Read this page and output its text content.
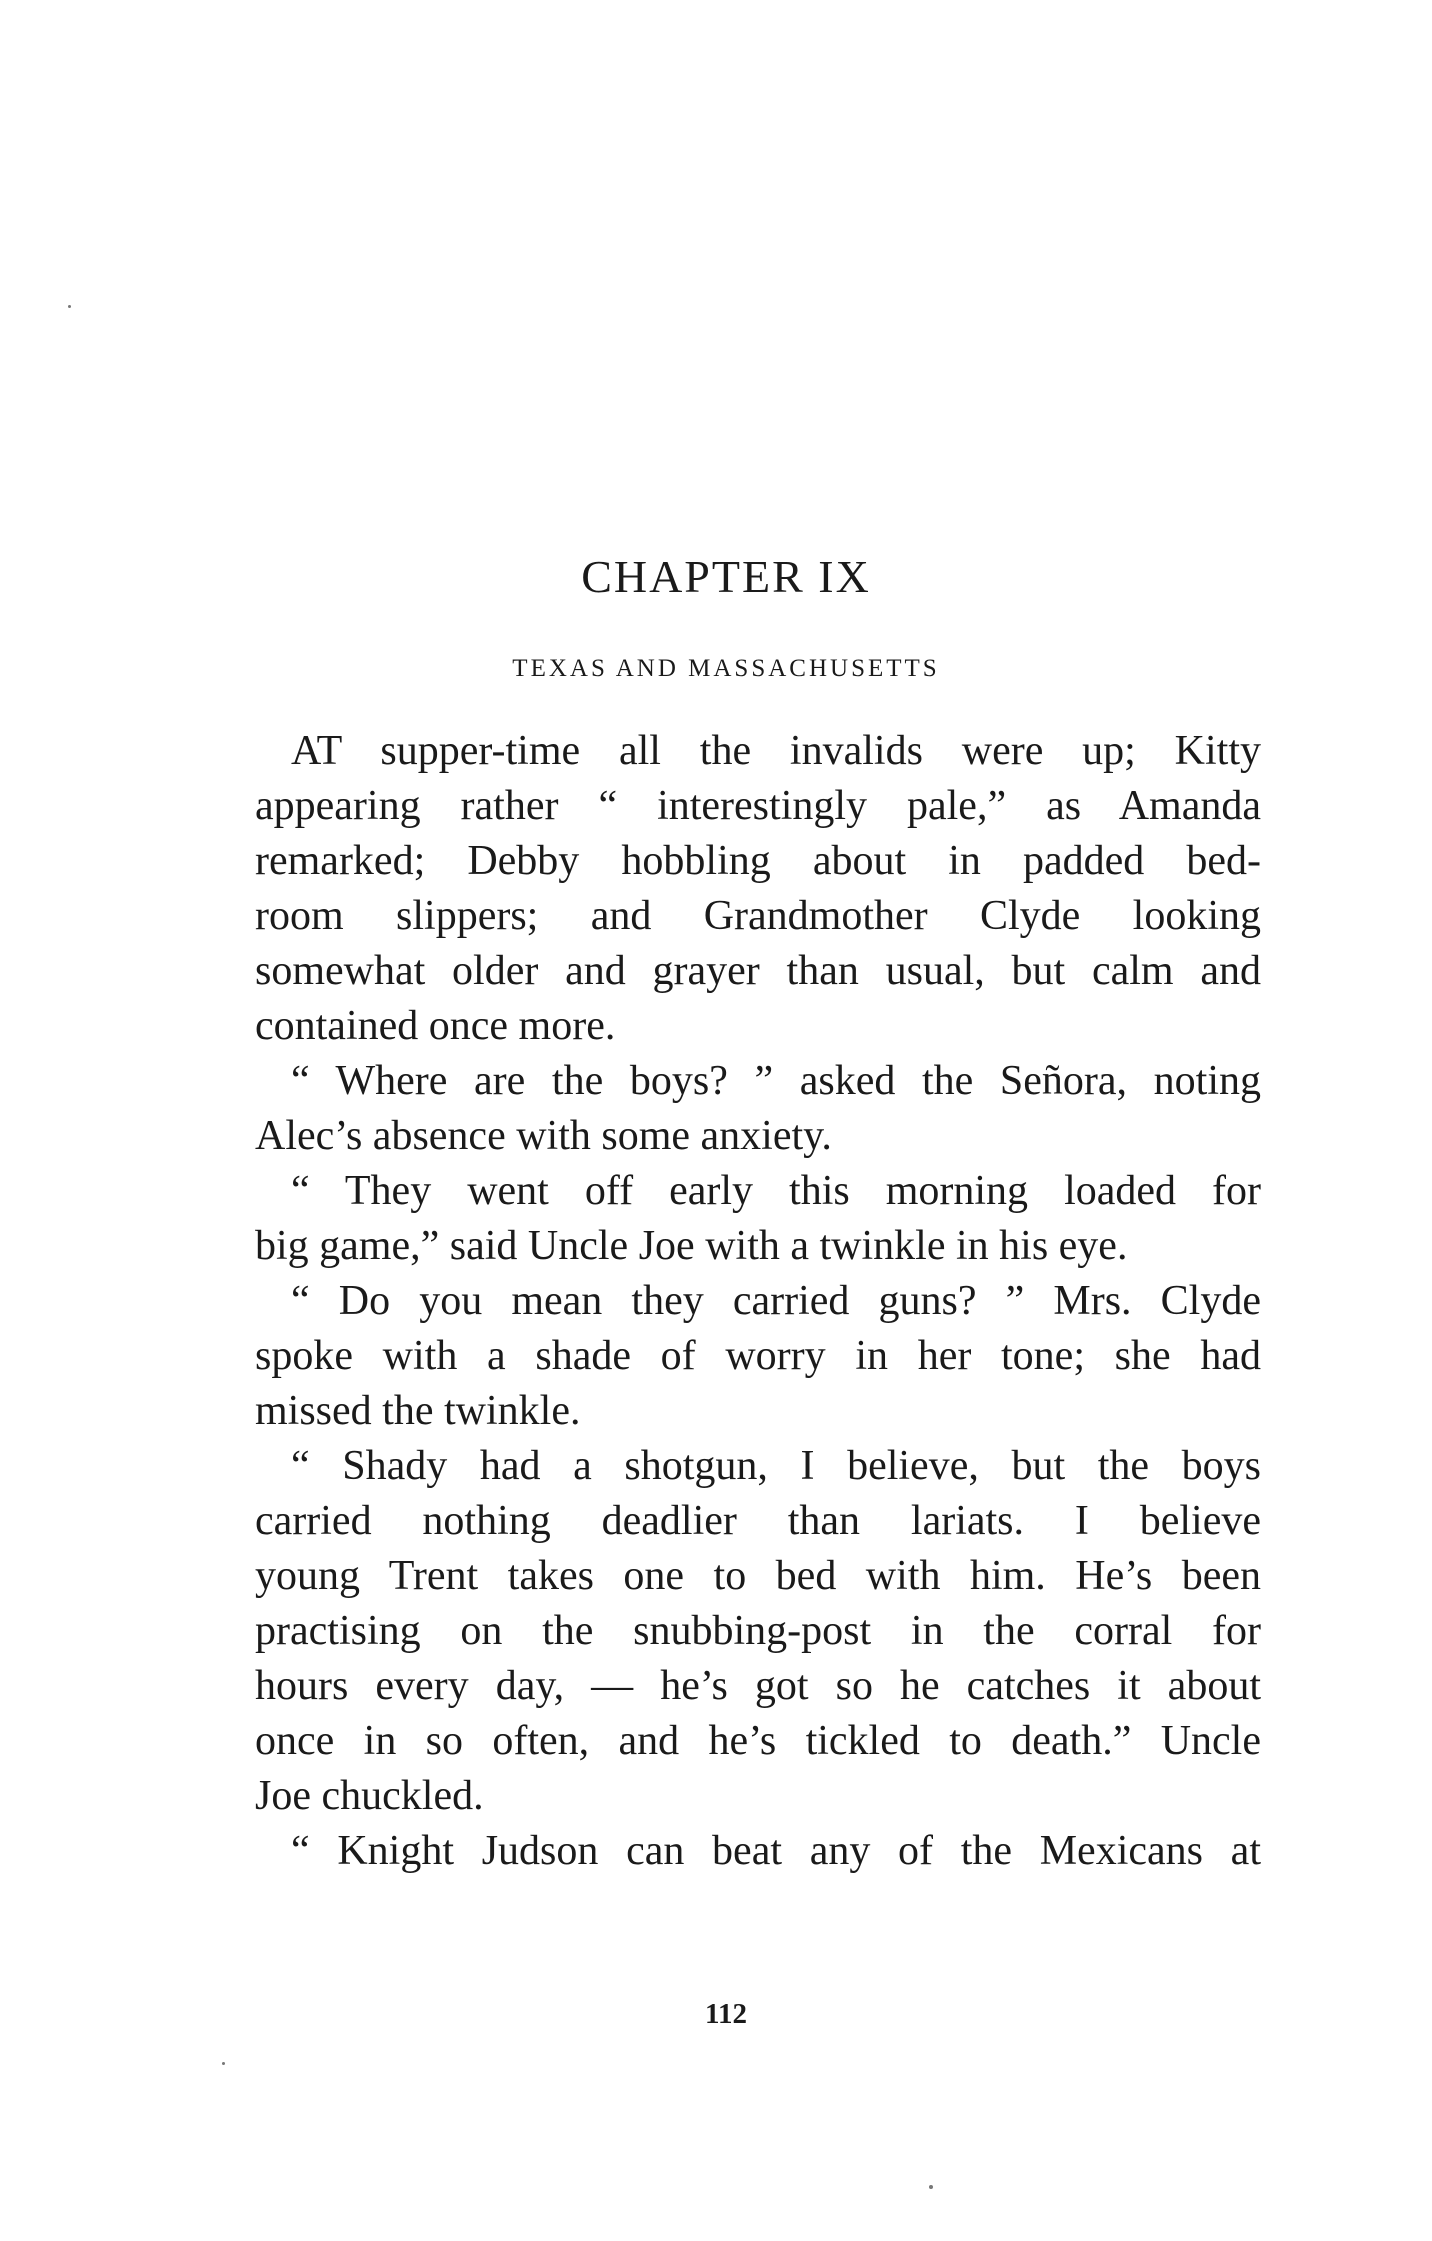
CHAPTER IX
TEXAS AND MASSACHUSETTS
AT supper-time all the invalids were up; Kitty
appearing rather “ interestingly pale,” as Amanda
remarked; Debby hobbling about in padded bed-
room slippers; and Grandmother Clyde looking
somewhat older and grayer than usual, but calm and
contained once more.
“ Where are the boys? ” asked the Señora, noting
Alec’s absence with some anxiety.
“ They went off early this morning loaded for
big game,” said Uncle Joe with a twinkle in his eye.
“ Do you mean they carried guns? ” Mrs. Clyde
spoke with a shade of worry in her tone; she had
missed the twinkle.
“ Shady had a shotgun, I believe, but the boys
carried nothing deadlier than lariats. I believe
young Trent takes one to bed with him. He’s been
practising on the snubbing-post in the corral for
hours every day, — he’s got so he catches it about
once in so often, and he’s tickled to death.” Uncle
Joe chuckled.
“ Knight Judson can beat any of the Mexicans at
112
